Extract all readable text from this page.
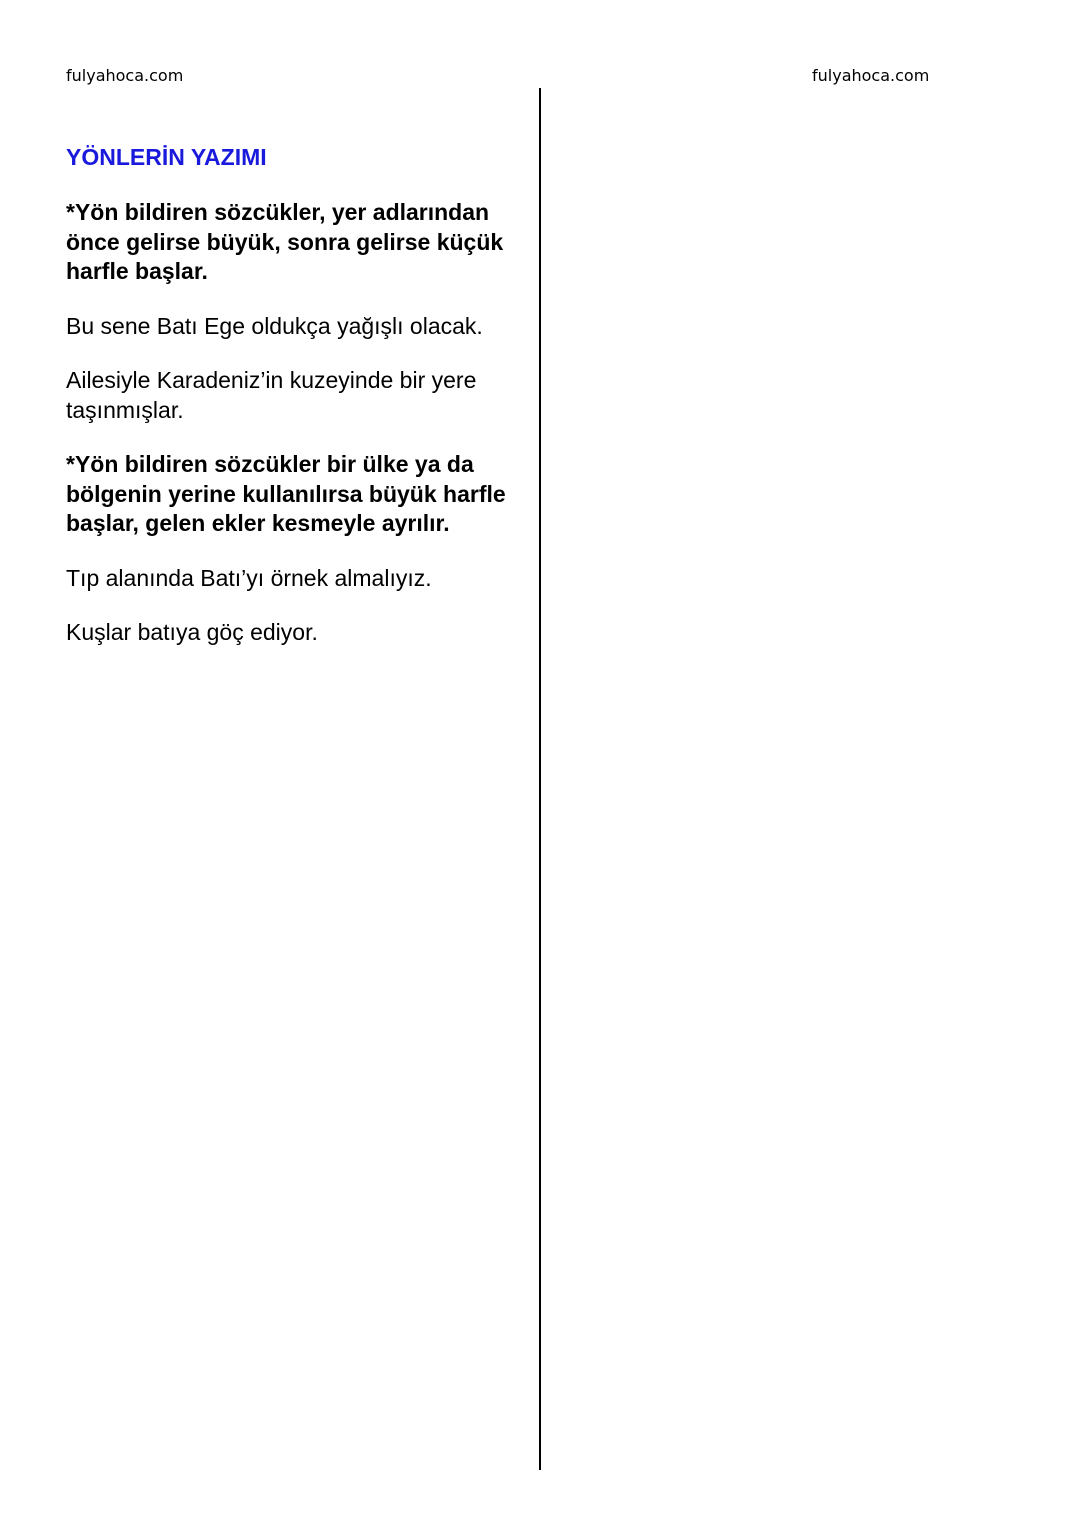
fulyahoca.com	fulyahoca.com
YÖNLERİN YAZIMI
*Yön bildiren sözcükler, yer adlarından önce gelirse büyük, sonra gelirse küçük harfle başlar.
Bu sene Batı Ege oldukça yağışlı olacak.
Ailesiyle Karadeniz’in kuzeyinde bir yere taşınmışlar.
*Yön bildiren sözcükler bir ülke ya da bölgenin yerine kullanılırsa büyük harfle başlar, gelen ekler kesmeyle ayrılır.
Tıp alanında Batı’yı örnek almalıyız.
Kuşlar batıya göç ediyor.
